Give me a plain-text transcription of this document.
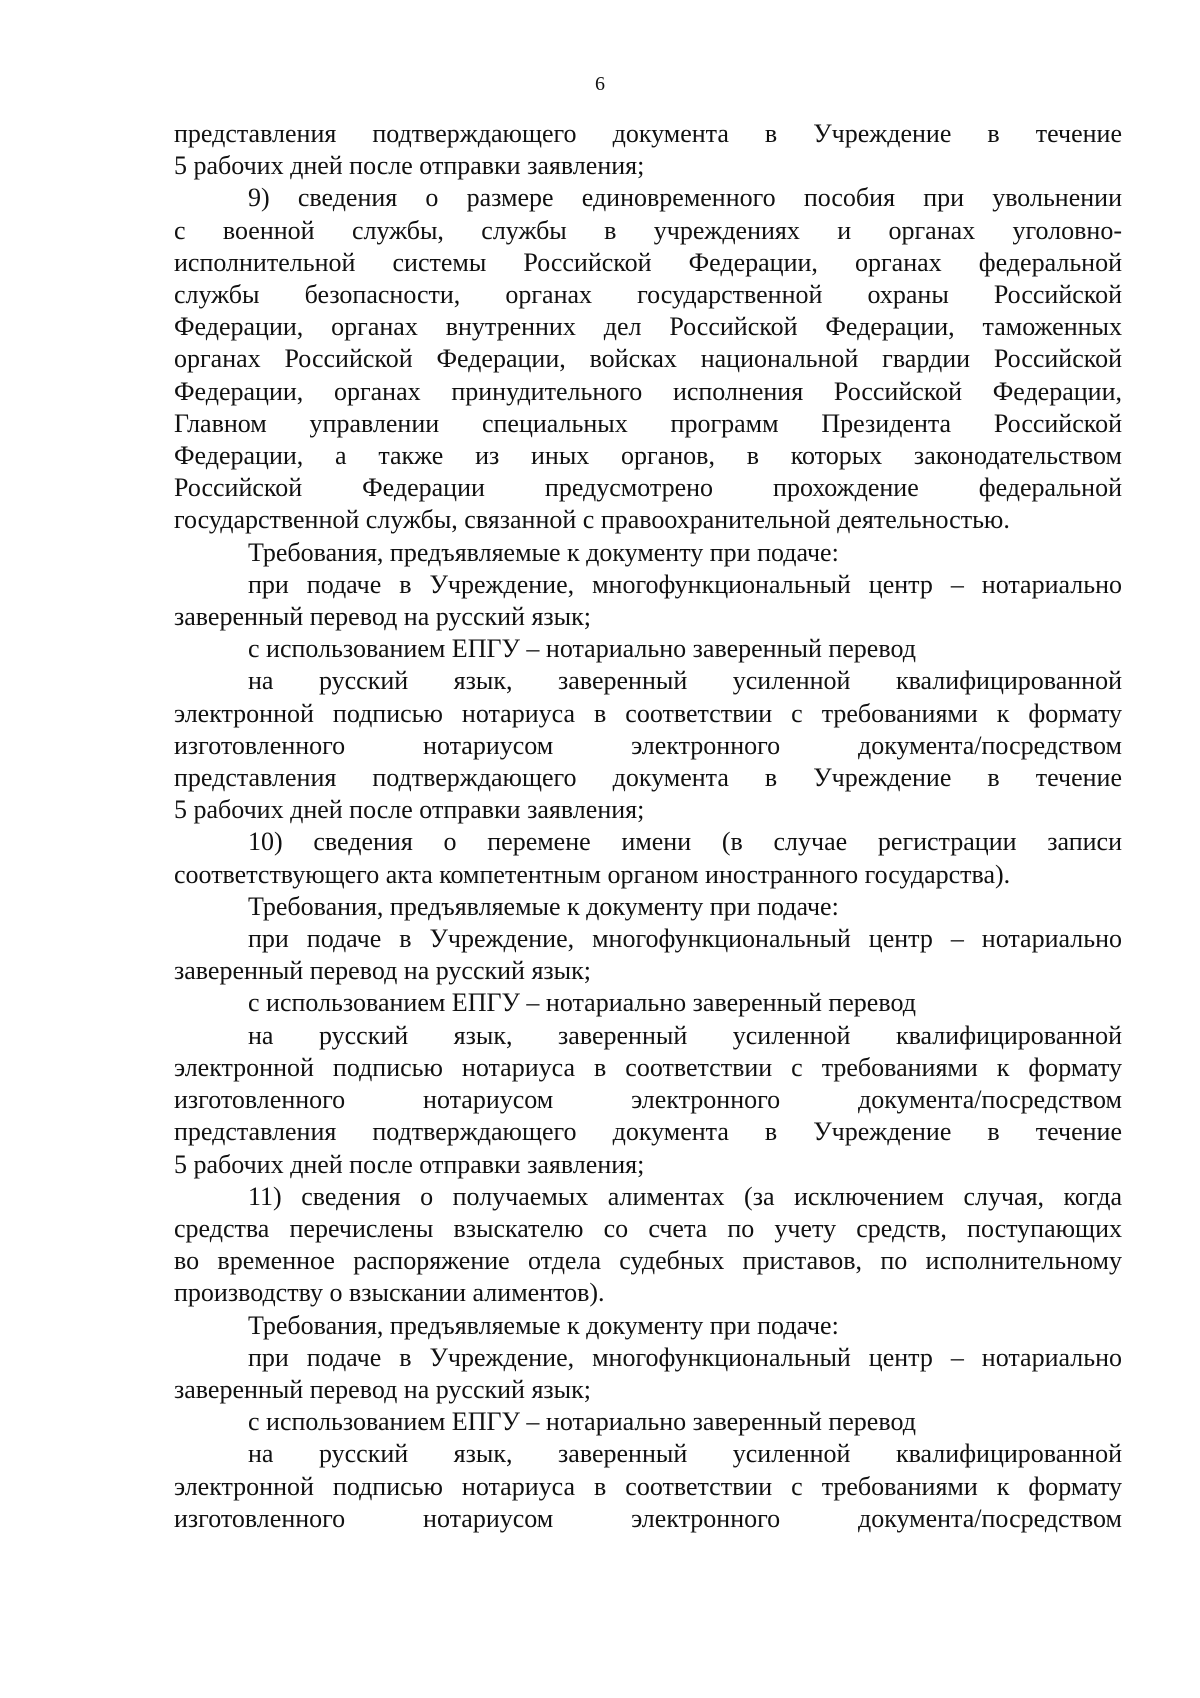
6

представления подтверждающего документа в Учреждение в течение

5 рабочих дней после отправки заявления;

9) сведения о размере единовременного пособия при увольнении

с военной службы, службы в учреждениях и органах уголовно-

исполнительной системы Российской Федерации, органах федеральной

службы безопасности, органах государственной охраны Российской

Федерации, органах внутренних дел Российской Федерации, таможенных

органах Российской Федерации, войсках национальной гвардии Российской

Федерации, органах принудительного исполнения Российской Федерации,

Главном управлении специальных программ Президента Российской

Федерации, а также из иных органов, в которых законодательством

Российской Федерации предусмотрено прохождение федеральной

государственной службы, связанной с правоохранительной деятельностью.

Требования, предъявляемые к документу при подаче:

при подаче в Учреждение, многофункциональный центр – нотариально

заверенный перевод на русский язык;

с использованием ЕПГУ – нотариально заверенный перевод

на русский язык, заверенный усиленной квалифицированной

электронной подписью нотариуса в соответствии с требованиями к формату

изготовленного нотариусом электронного документа/посредством

представления подтверждающего документа в Учреждение в течение

5 рабочих дней после отправки заявления;

10) сведения о перемене имени (в случае регистрации записи

соответствующего акта компетентным органом иностранного государства).

Требования, предъявляемые к документу при подаче:

при подаче в Учреждение, многофункциональный центр – нотариально

заверенный перевод на русский язык;

с использованием ЕПГУ – нотариально заверенный перевод

на русский язык, заверенный усиленной квалифицированной

электронной подписью нотариуса в соответствии с требованиями к формату

изготовленного нотариусом электронного документа/посредством

представления подтверждающего документа в Учреждение в течение

5 рабочих дней после отправки заявления;

11) сведения о получаемых алиментах (за исключением случая, когда

средства перечислены взыскателю со счета по учету средств, поступающих

во временное распоряжение отдела судебных приставов, по исполнительному

производству о взыскании алиментов).

Требования, предъявляемые к документу при подаче:

при подаче в Учреждение, многофункциональный центр – нотариально

заверенный перевод на русский язык;

с использованием ЕПГУ – нотариально заверенный перевод

на русский язык, заверенный усиленной квалифицированной

электронной подписью нотариуса в соответствии с требованиями к формату

изготовленного нотариусом электронного документа/посредством
